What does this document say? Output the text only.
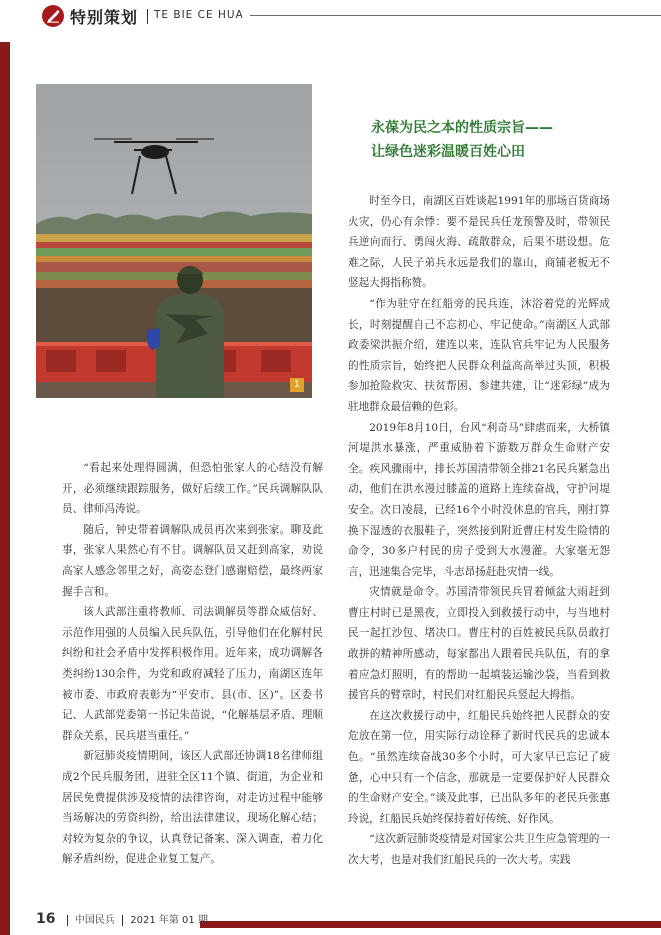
特别策划 TE BIE CE HUA
1
永葆为民之本的性质宗旨——
让绿色迷彩温暖百姓心田

时至今日，南湖区百姓谈起1991年的那场百货商场火灾，仍心有余悸：要不是民兵任龙预警及时，带领民兵逆向而行、勇闯火海、疏散群众，后果不堪设想。危难之际，人民子弟兵永远是我们的靠山，商铺老板无不竖起大拇指称赞。

“作为驻守在红船旁的民兵连，沐浴着党的光辉成长，时刻提醒自己不忘初心、牢记使命。”南湖区人武部政委梁洪振介绍，建连以来，连队官兵牢记为人民服务的性质宗旨，始终把人民群众利益高高举过头顶，积极参加抢险救灾、扶贫帮困、参建共建，让“迷彩绿”成为驻地群众最信赖的色彩。

2019年8月10日，台风“利奇马”肆虐而来，大桥镇河堤洪水暴涨，严重威胁着下游数万群众生命财产安全。疾风骤雨中，排长苏国清带领全排21名民兵紧急出动，他们在洪水漫过膝盖的道路上连续奋战，守护河堤安全。次日凌晨，已经16个小时没休息的官兵，刚打算换下湿透的衣服鞋子，突然接到附近曹庄村发生险情的命令，30多户村民的房子受到大水漫灌。大家毫无怨言，迅速集合完毕，斗志昂扬赶赴灾情一线。

灾情就是命令。苏国清带领民兵冒着倾盆大雨赶到曹庄村时已是黑夜，立即投入到救援行动中，与当地村民一起扛沙包、堵决口。曹庄村的百姓被民兵队员敢打敢拼的精神所感动，每家都出人跟着民兵队伍，有的拿着应急灯照明，有的帮助一起填装运输沙袋，当看到救援官兵的臂章时，村民们对红船民兵竖起大拇指。

在这次救援行动中，红船民兵始终把人民群众的安危放在第一位，用实际行动诠释了新时代民兵的忠诚本色。“虽然连续奋战30多个小时，可大家早已忘记了疲惫，心中只有一个信念，那就是一定要保护好人民群众的生命财产安全。”谈及此事，已出队多年的老民兵张惠玲说，红船民兵始终保持着好传统、好作风。

“这次新冠肺炎疫情是对国家公共卫生应急管理的一次大考，也是对我们红船民兵的一次大考。实践

“看起来处理得圆满，但恐怕张家人的心结没有解开，必须继续跟踪服务，做好后续工作。”民兵调解队队员、律师冯涛说。

随后，钟史带着调解队成员再次来到张家。聊及此事，张家人果然心有不甘。调解队员又赶到高家，劝说高家人感念邻里之好，高姿态登门感谢赔偿，最终两家握手言和。

该人武部注重将教师、司法调解员等群众威信好、示范作用强的人员编入民兵队伍，引导他们在化解村民纠纷和社会矛盾中发挥积极作用。近年来，成功调解各类纠纷130余件，为党和政府减轻了压力，南湖区连年被市委、市政府表彰为“平安市、县(市、区)”。区委书记、人武部党委第一书记朱苗说，“化解基层矛盾、理顺群众关系，民兵堪当重任。”

新冠肺炎疫情期间，该区人武部还协调18名律师组成2个民兵服务团，进驻全区11个镇、街道，为企业和居民免费提供涉及疫情的法律咨询，对走访过程中能够当场解决的劳资纠纷，给出法律建议，现场化解心结；对较为复杂的争议，认真登记备案、深入调查，着力化解矛盾纠纷，促进企业复工复产。

16 中国民兵 2021 年第 01 期
